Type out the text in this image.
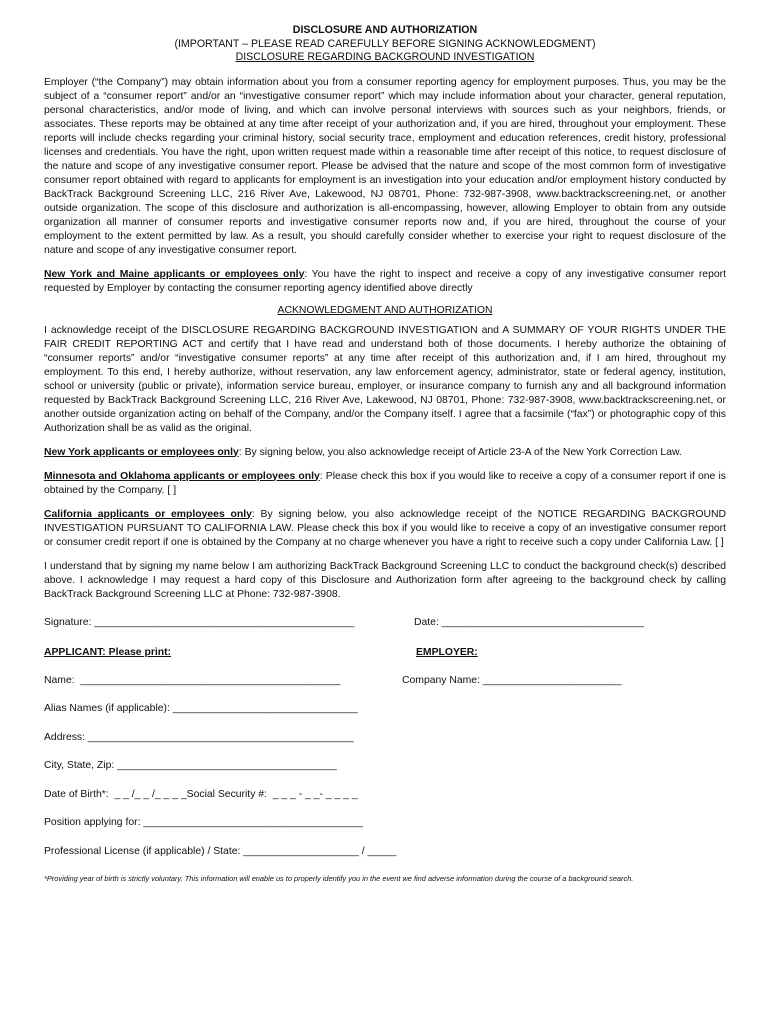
DISCLOSURE AND AUTHORIZATION
(IMPORTANT – PLEASE READ CAREFULLY BEFORE SIGNING ACKNOWLEDGMENT)
DISCLOSURE REGARDING BACKGROUND INVESTIGATION

Employer (“the Company”) may obtain information about you from a consumer reporting agency for employment purposes. Thus, you may be the subject of a “consumer report” and/or an “investigative consumer report” which may include information about your character, general reputation, personal characteristics, and/or mode of living, and which can involve personal interviews with sources such as your neighbors, friends, or associates. These reports may be obtained at any time after receipt of your authorization and, if you are hired, throughout your employment. These reports will include checks regarding your criminal history, social security trace, employment and education references, credit history, professional licenses and credentials. You have the right, upon written request made within a reasonable time after receipt of this notice, to request disclosure of the nature and scope of any investigative consumer report. Please be advised that the nature and scope of the most common form of investigative consumer report obtained with regard to applicants for employment is an investigation into your education and/or employment history conducted by BackTrack Background Screening LLC, 216 River Ave, Lakewood, NJ 08701, Phone: 732-987-3908, www.backtrackscreening.net, or another outside organization. The scope of this disclosure and authorization is all-encompassing, however, allowing Employer to obtain from any outside organization all manner of consumer reports and investigative consumer reports now and, if you are hired, throughout the course of your employment to the extent permitted by law. As a result, you should carefully consider whether to exercise your right to request disclosure of the nature and scope of any investigative consumer report.

New York and Maine applicants or employees only: You have the right to inspect and receive a copy of any investigative consumer report requested by Employer by contacting the consumer reporting agency identified above directly

ACKNOWLEDGMENT AND AUTHORIZATION

I acknowledge receipt of the DISCLOSURE REGARDING BACKGROUND INVESTIGATION and A SUMMARY OF YOUR RIGHTS UNDER THE FAIR CREDIT REPORTING ACT and certify that I have read and understand both of those documents. I hereby authorize the obtaining of “consumer reports” and/or “investigative consumer reports” at any time after receipt of this authorization and, if I am hired, throughout my employment. To this end, I hereby authorize, without reservation, any law enforcement agency, administrator, state or federal agency, institution, school or university (public or private), information service bureau, employer, or insurance company to furnish any and all background information requested by BackTrack Background Screening LLC, 216 River Ave, Lakewood, NJ 08701, Phone: 732-987-3908, www.backtrackscreening.net, or another outside organization acting on behalf of the Company, and/or the Company itself. I agree that a facsimile (“fax”) or photographic copy of this Authorization shall be as valid as the original.

New York applicants or employees only: By signing below, you also acknowledge receipt of Article 23-A of the New York Correction Law.

Minnesota and Oklahoma applicants or employees only: Please check this box if you would like to receive a copy of a consumer report if one is obtained by the Company. [ ]

California applicants or employees only: By signing below, you also acknowledge receipt of the NOTICE REGARDING BACKGROUND INVESTIGATION PURSUANT TO CALIFORNIA LAW. Please check this box if you would like to receive a copy of an investigative consumer report or consumer credit report if one is obtained by the Company at no charge whenever you have a right to receive such a copy under California Law. [ ]

I understand that by signing my name below I am authorizing BackTrack Background Screening LLC to conduct the background check(s) described above. I acknowledge I may request a hard copy of this Disclosure and Authorization form after agreeing to the background check by calling BackTrack Background Screening LLC at Phone: 732-987-3908.

Signature: _____________________________________________	Date: ___________________________________
APPLICANT: Please print:	EMPLOYER:
Name:  _____________________________________________	Company Name: ________________________
Alias Names (if applicable): ________________________________
Address: ______________________________________________
City, State, Zip: ______________________________________
Date of Birth*:  _ _ /_ _ /_ _ _ _Social Security #:  _ _ _ - _ _- _ _ _ _
Position applying for: ______________________________________
Professional License (if applicable) / State: ____________________ / _____
*Providing year of birth is strictly voluntary. This information will enable us to properly identify you in the event we find adverse information during the course of a background search.
